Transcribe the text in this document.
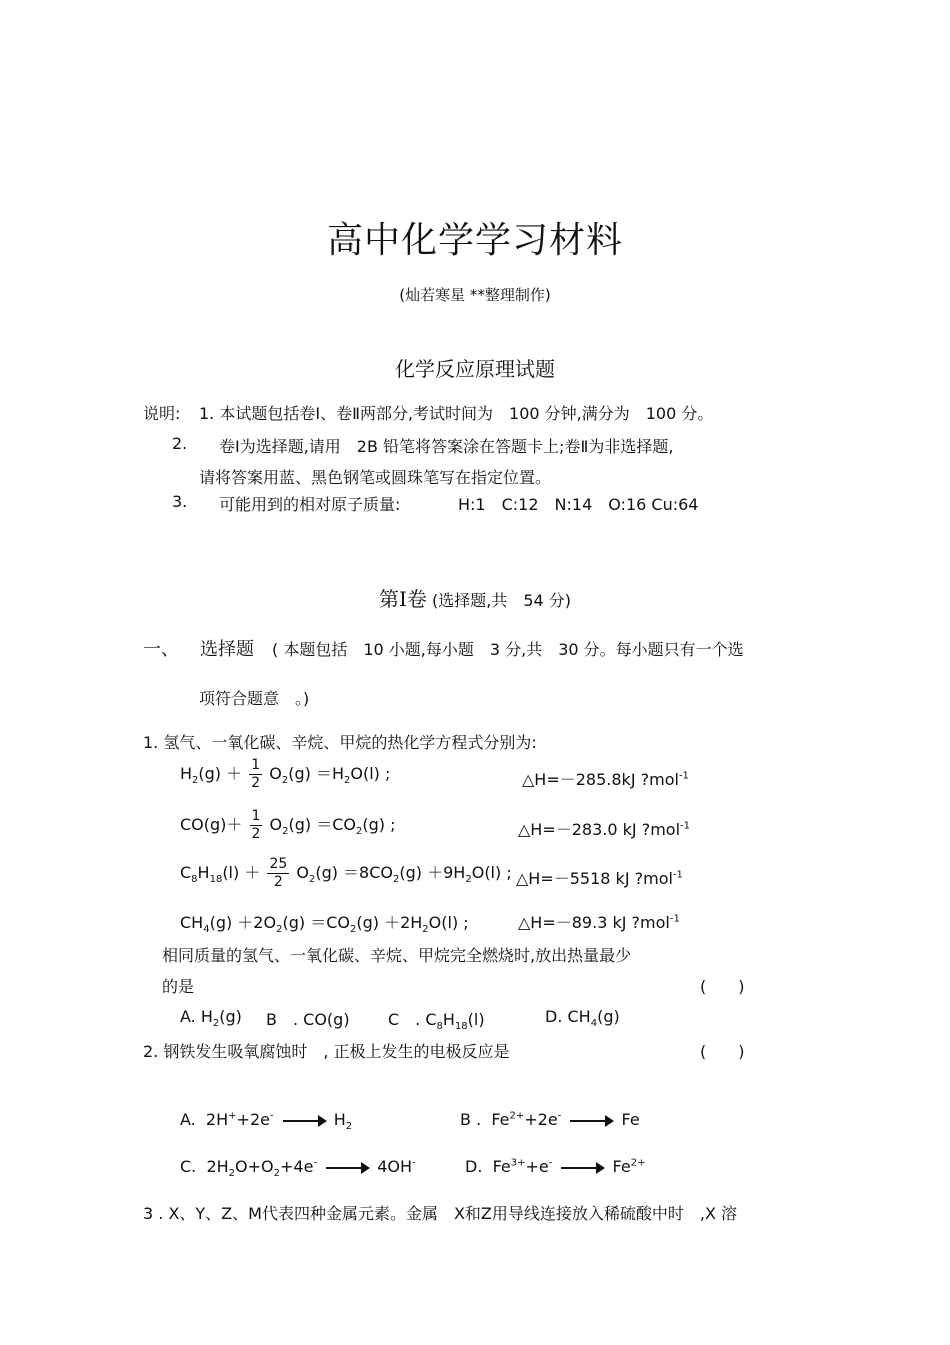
高中化学学习材料
(灿若寒星 **整理制作)
化学反应原理试题
说明: 1. 本试题包括卷Ⅰ、卷Ⅱ两部分,考试时间为　100 分钟,满分为　100 分。
2. 卷Ⅰ为选择题,请用　2B 铅笔将答案涂在答题卡上;卷Ⅱ为非选择题,
请将答案用蓝、黑色钢笔或圆珠笔写在指定位置。
3. 可能用到的相对原子质量:	H:1　C:12　N:14　O:16 Cu:64
第Ⅰ卷 (选择题,共　54 分)
一、 选择题 ( 本题包括　10 小题,每小题　3 分,共　30 分。每小题只有一个选
项符合题意　。)
1. 氢气、一氧化碳、辛烷、甲烷的热化学方程式分别为:
$H_2(g) + \frac{1}{2} O_2(g) =H_2O(l)$ ;	△H=－285.8kJ ?mol$^{-1}$
$CO(g)+ \frac{1}{2} O_2(g) =CO_2(g)$ ;	△H=－283.0 kJ ?mol$^{-1}$
$C_8H_{18}(l) + \frac{25}{2} O_2(g) =8CO_2(g) +9H_2O(l)$ ; △H=－5518 kJ ?mol$^{-1}$
$CH_4(g) +2O_2(g) =CO_2(g) +2H_2O(l)$ ;	△H=－89.3 kJ ?mol$^{-1}$
相同质量的氢气、一氧化碳、辛烷、甲烷完全燃烧时,放出热量最少
的是	(　　)
A. $H_2(g)$ B　. CO(g) C　. $C_8H_{18}(l)$	D. $CH_4(g)$
2. 钢铁发生吸氧腐蚀时　, 正极上发生的电极反应是	(　　)
A. $2H^++2e^- \to H_2$	B . $Fe^{2+}+2e^- \to Fe$
C. $2H_2O+O_2+4e^- \to 4OH^-$	D. $Fe^{3+}+e^- \to Fe^{2+}$
3 . X、Y、Z、M代表四种金属元素。金属　X和Z用导线连接放入稀硫酸中时　,X 溶
